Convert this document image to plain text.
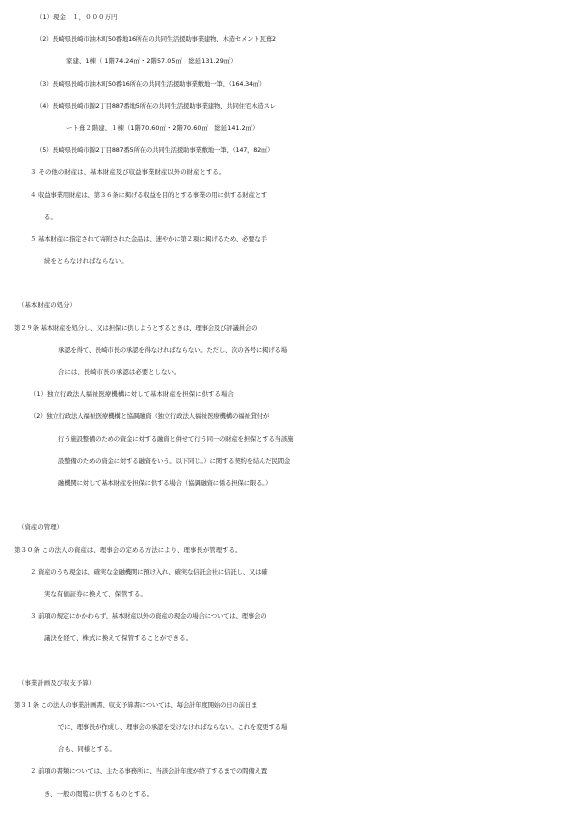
（1）現金　１，０００万円
（2）長崎県長崎市油木町50番地16所在の共同生活援助事業建物、木造セメント瓦葺2
家建、1棟（ 1階74.24㎡・2階57.05㎡　総延131.29㎡）
（3）長崎県長崎市油木町50番16所在の共同生活援助事業敷地一筆、（164.34㎡）
（4）長崎県長崎市錦2丁目887番地5所在の共同生活援助事業建物、共同住宅木造スレ
ート葺２階建、１棟（1階70.60㎡・2階70.60㎡　総延141.2㎡）
（5）長崎県長崎市錦2丁目887番5所在の共同生活援助事業敷地一筆、（147，82㎡）
３ その他の財産は、基本財産及び収益事業財産以外の財産とする。
４ 収益事業用財産は、第３６条に掲げる収益を目的とする事業の用に供する財産とす
る。
５ 基本財産に指定されて寄附された金品は、速やかに第２項に掲げるため、必要な手
続をとらなければならない。
（基本財産の処分）
第２９条 基本財産を処分し、又は担保に供しようとするときは、理事会及び評議員会の
承認を得て、長崎市長の承認を得なければならない。ただし、次の各号に掲げる場
合には、長崎市長の承認は必要としない。
（1）独立行政法人福祉医療機構に対して基本財産を担保に供する場合
（2）独立行政法人福祉医療機構と協調融資（独立行政法人福祉医療機構の福祉貸付が
行う施設整備のための資金に対する融資と併せて行う同一の財産を担保とする当該施
設整備のための資金に対する融資をいう。以下同じ。）に関する契約を結んだ民間金
融機関に対して基本財産を担保に供する場合（協調融資に係る担保に限る。）
（資産の管理）
第３０条 この法人の資産は、理事会の定める方法により、理事長が管理する。
２ 資産のうち現金は、確実な金融機関に預け入れ、確実な信託会社に信託し、又は確
実な有価証券に換えて、保管する。
３ 前項の規定にかかわらず、基本財産以外の資産の現金の場合については、理事会の
議決を経て、株式に換えて保管することができる。
（事業計画及び収支予算）
第３１条 この法人の事業計画書、収支予算書については、毎会計年度開始の日の前日ま
でに、理事長が作成し、理事会の承認を受けなければならない。これを変更する場
合も、同様とする。
２ 前項の書類については、主たる事務所に、当該会計年度が終了するまでの間備え置
き、一般の閲覧に供するものとする。
